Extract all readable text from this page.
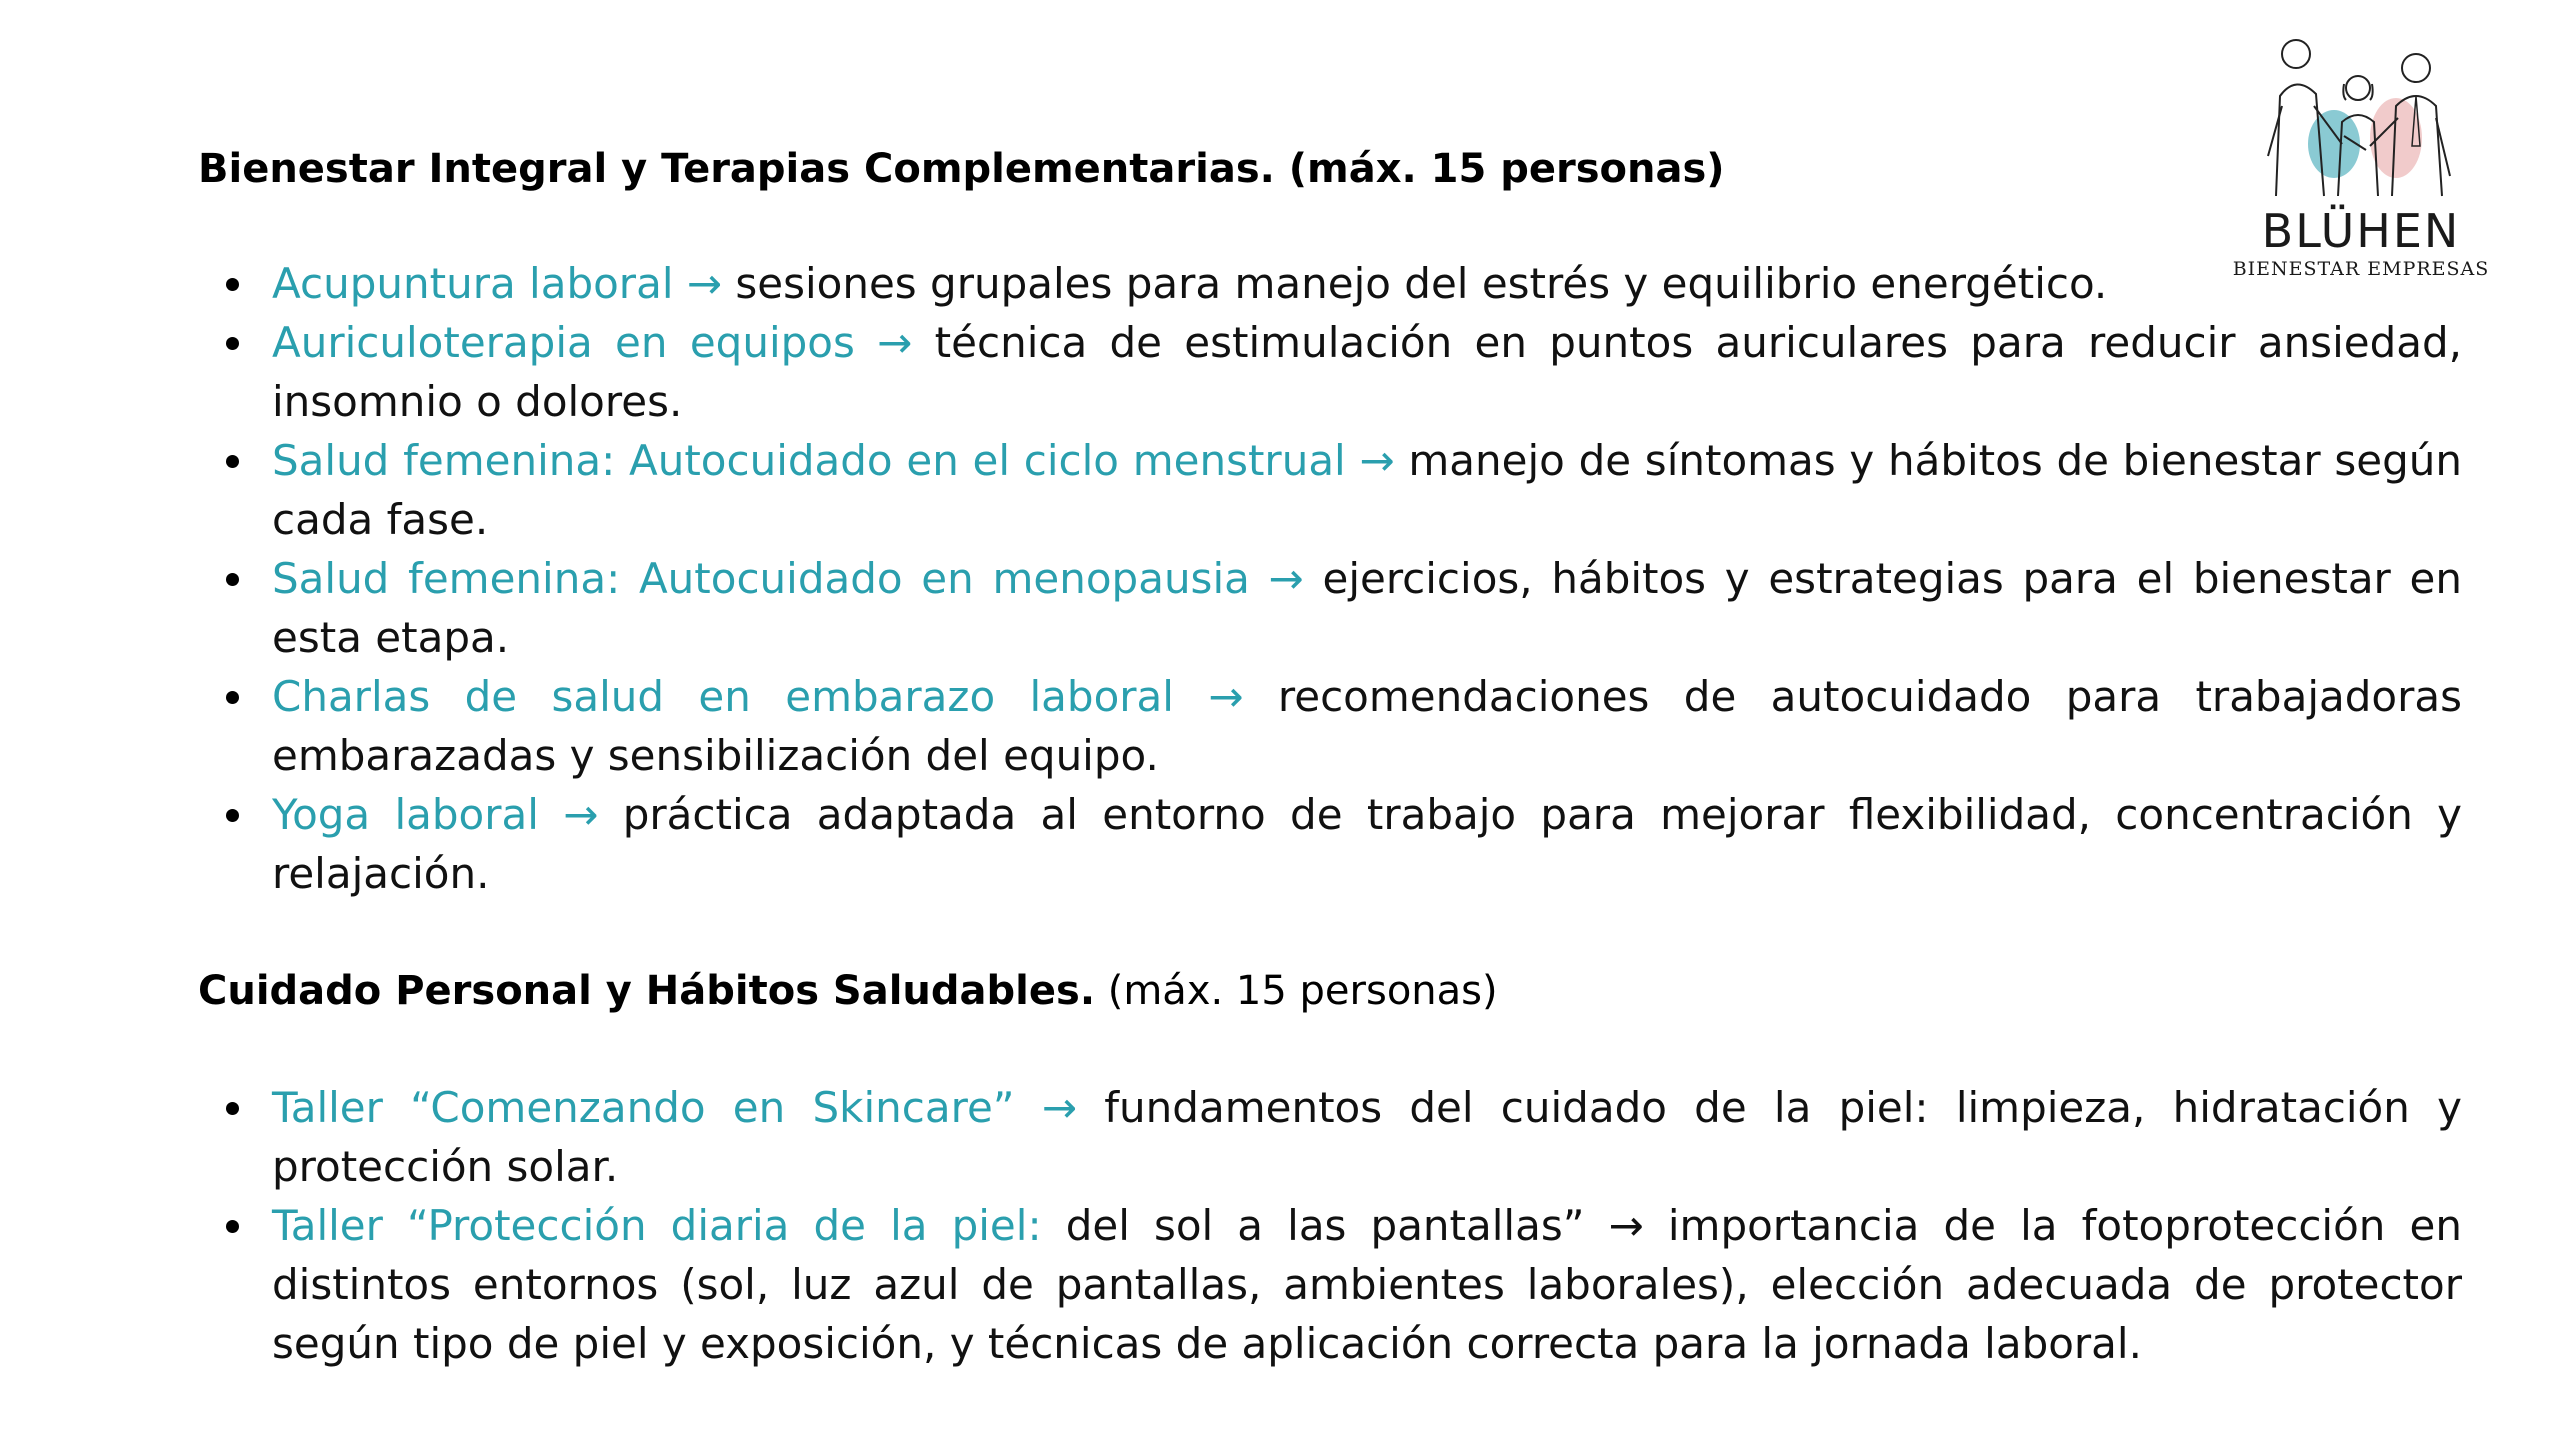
BLÜHEN
BIENESTAR EMPRESAS
Bienestar Integral y Terapias Complementarias. (máx. 15 personas)
Acupuntura laboral → sesiones grupales para manejo del estrés y equilibrio energético.
Auriculoterapia en equipos → técnica de estimulación en puntos auriculares para reducir ansiedad, insomnio o dolores.
Salud femenina: Autocuidado en el ciclo menstrual → manejo de síntomas y hábitos de bienestar según cada fase.
Salud femenina: Autocuidado en menopausia → ejercicios, hábitos y estrategias para el bienestar en esta etapa.
Charlas de salud en embarazo laboral → recomendaciones de autocuidado para trabajadoras embarazadas y sensibilización del equipo.
Yoga laboral → práctica adaptada al entorno de trabajo para mejorar flexibilidad, concentración y relajación.
Cuidado Personal y Hábitos Saludables. (máx. 15 personas)
Taller “Comenzando en Skincare” → fundamentos del cuidado de la piel: limpieza, hidratación y protección solar.
Taller “Protección diaria de la piel: del sol a las pantallas” → importancia de la fotoprotección en distintos entornos (sol, luz azul de pantallas, ambientes laborales), elección adecuada de protector según tipo de piel y exposición, y técnicas de aplicación correcta para la jornada laboral.
